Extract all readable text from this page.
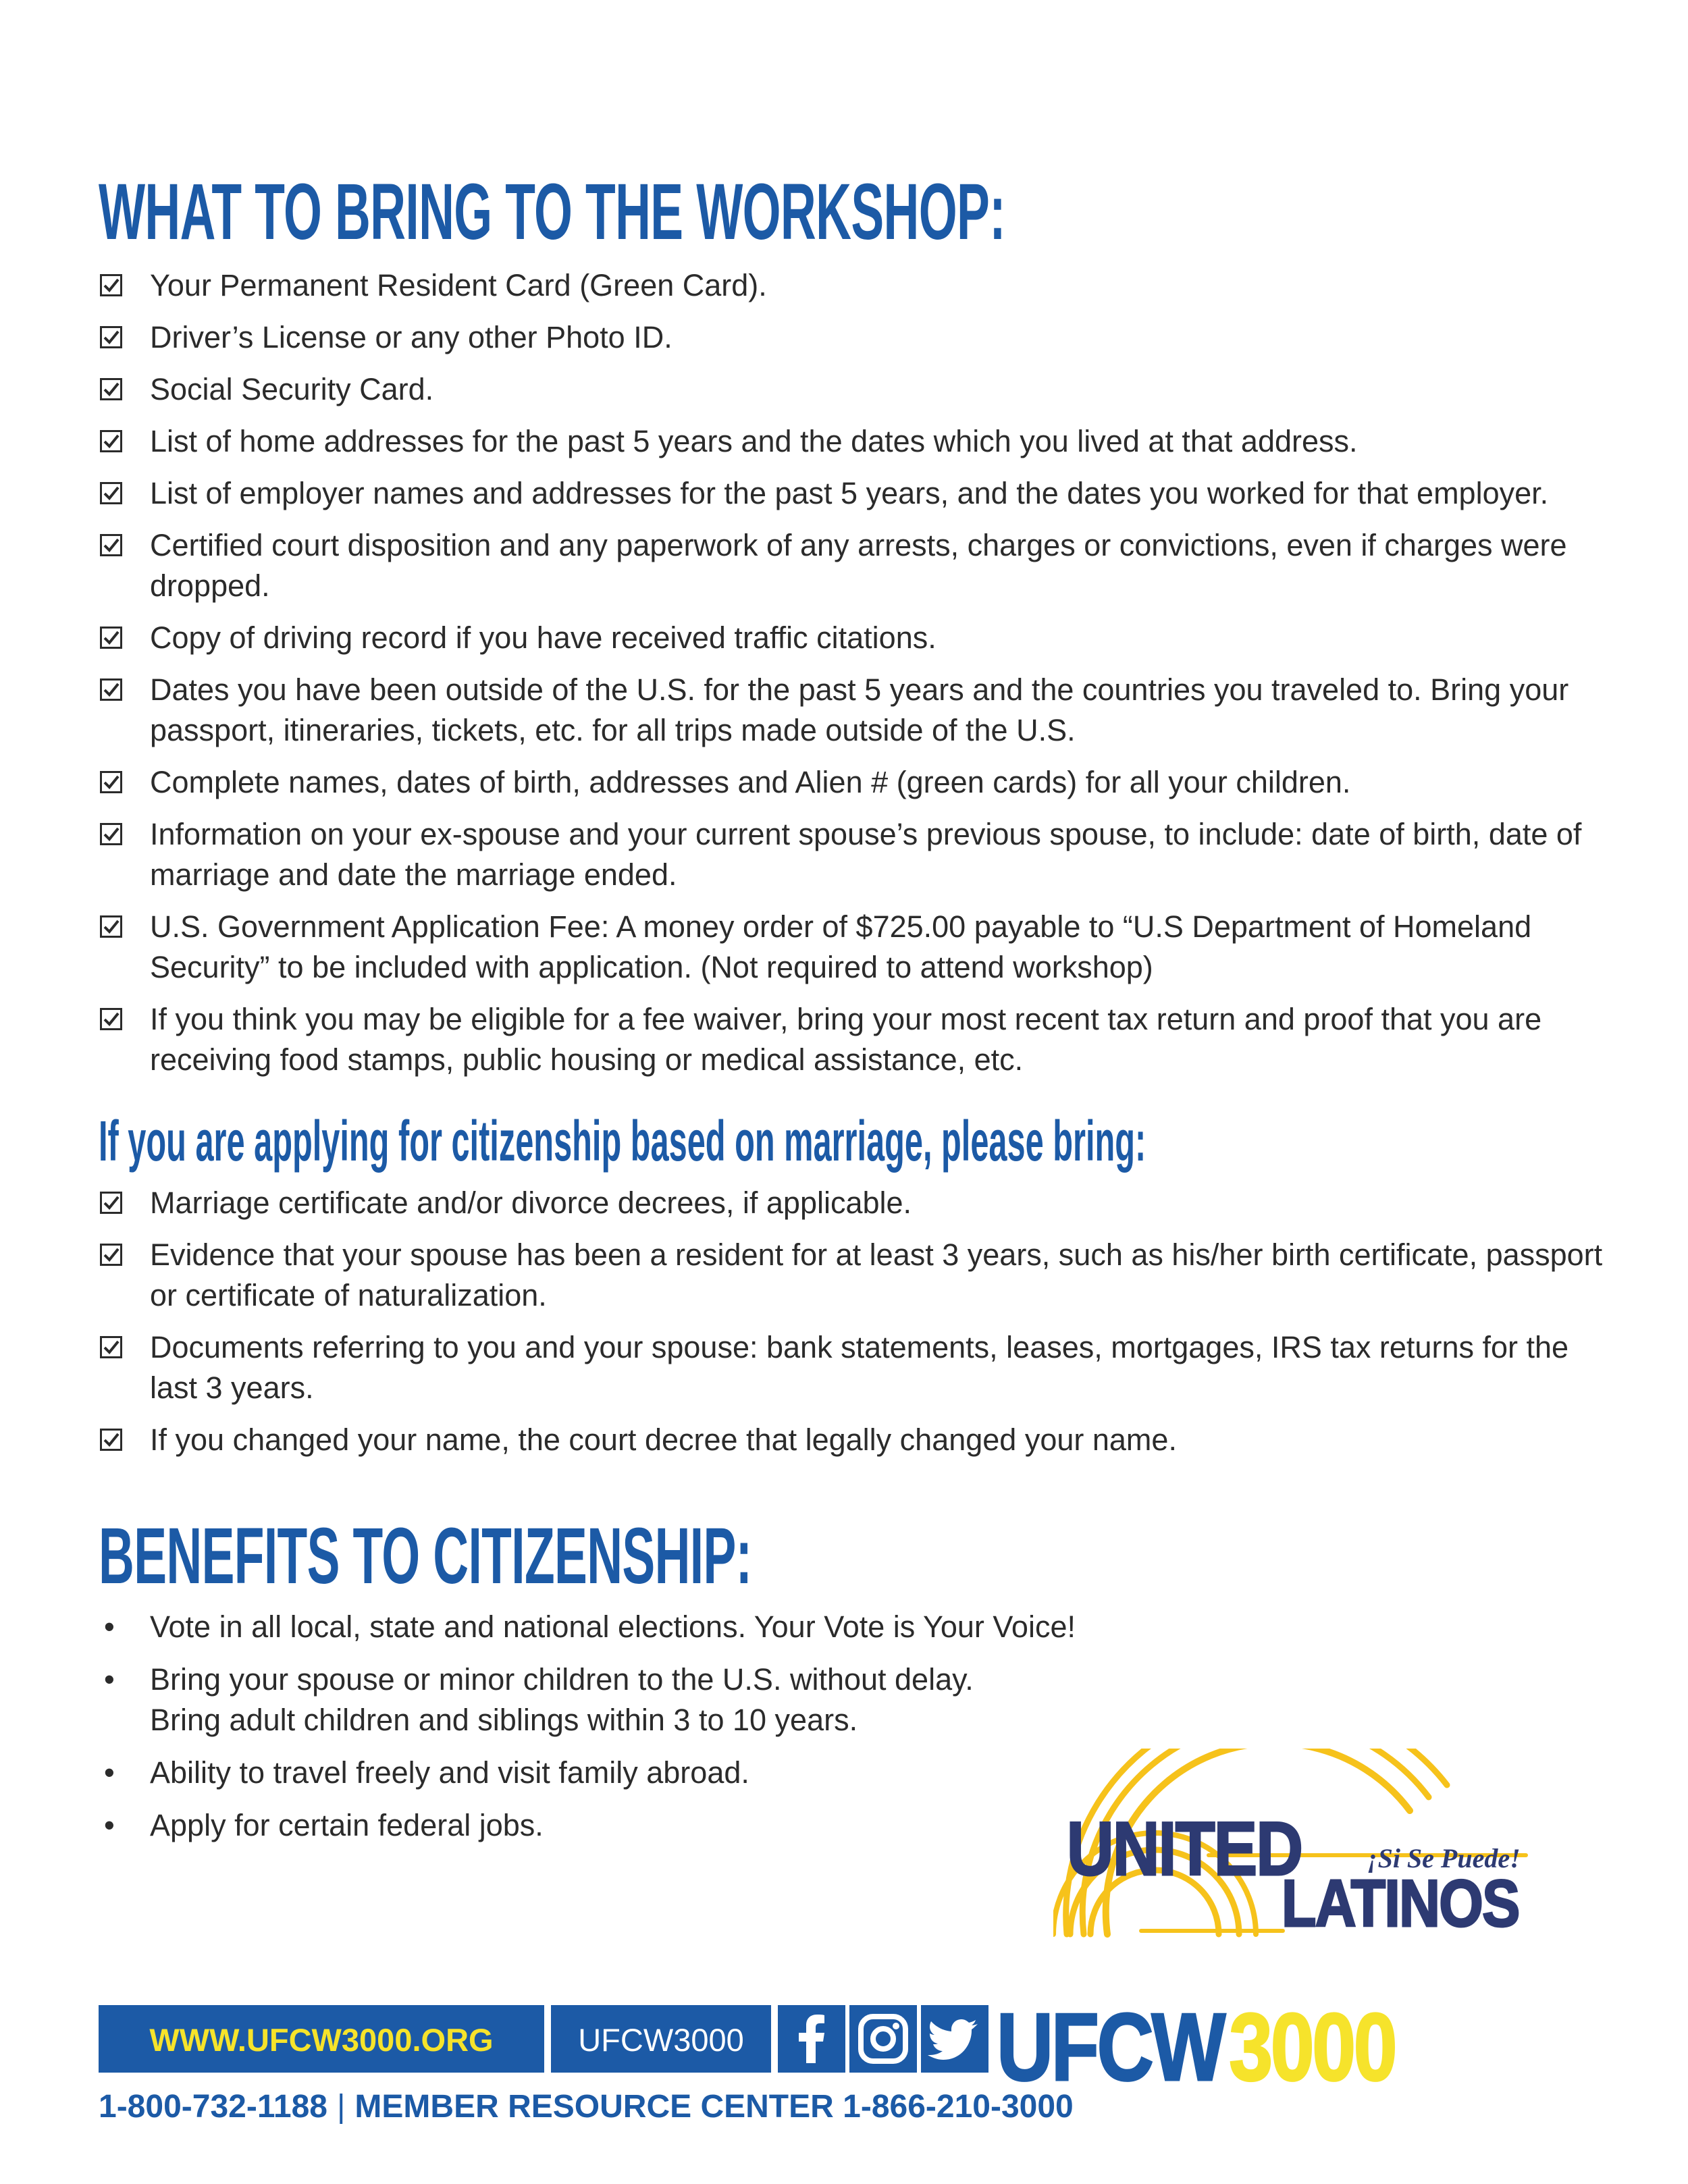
WHAT TO BRING TO THE WORKSHOP:
Your Permanent Resident Card (Green Card).
Driver’s License or any other Photo ID.
Social Security Card.
List of home addresses for the past 5 years and the dates which you lived at that address.
List of employer names and addresses for the past 5 years, and the dates you worked for that employer.
Certified court disposition and any paperwork of any arrests, charges or convictions, even if charges were dropped.
Copy of driving record if you have received traffic citations.
Dates you have been outside of the U.S. for the past 5 years and the countries you traveled to. Bring your passport, itineraries, tickets, etc. for all trips made outside of the U.S.
Complete names, dates of birth, addresses and Alien # (green cards) for all your children.
Information on your ex-spouse and your current spouse’s previous spouse, to include: date of birth, date of marriage and date the marriage ended.
U.S. Government Application Fee: A money order of $725.00 payable to “U.S Department of Homeland Security” to be included with application. (Not required to attend workshop)
If you think you may be eligible for a fee waiver, bring your most recent tax return and proof that you are receiving food stamps, public housing or medical assistance, etc.
If you are applying for citizenship based on marriage, please bring:
Marriage certificate and/or divorce decrees, if applicable.
Evidence that your spouse has been a resident for at least 3 years, such as his/her birth certificate, passport or certificate of naturalization.
Documents referring to you and your spouse: bank statements, leases, mortgages, IRS tax returns for the last 3 years.
If you changed your name, the court decree that legally changed your name.
BENEFITS TO CITIZENSHIP:
• Vote in all local, state and national elections. Your Vote is Your Voice!
• Bring your spouse or minor children to the U.S. without delay.
Bring adult children and siblings within 3 to 10 years.
• Ability to travel freely and visit family abroad.
• Apply for certain federal jobs.	UNITED ¡Si Se Puede!
LATINOS
WWW.UFCW3000.ORG	UFCW3000	UFCW3000
1-800-732-1188 | MEMBER RESOURCE CENTER 1-866-210-3000
